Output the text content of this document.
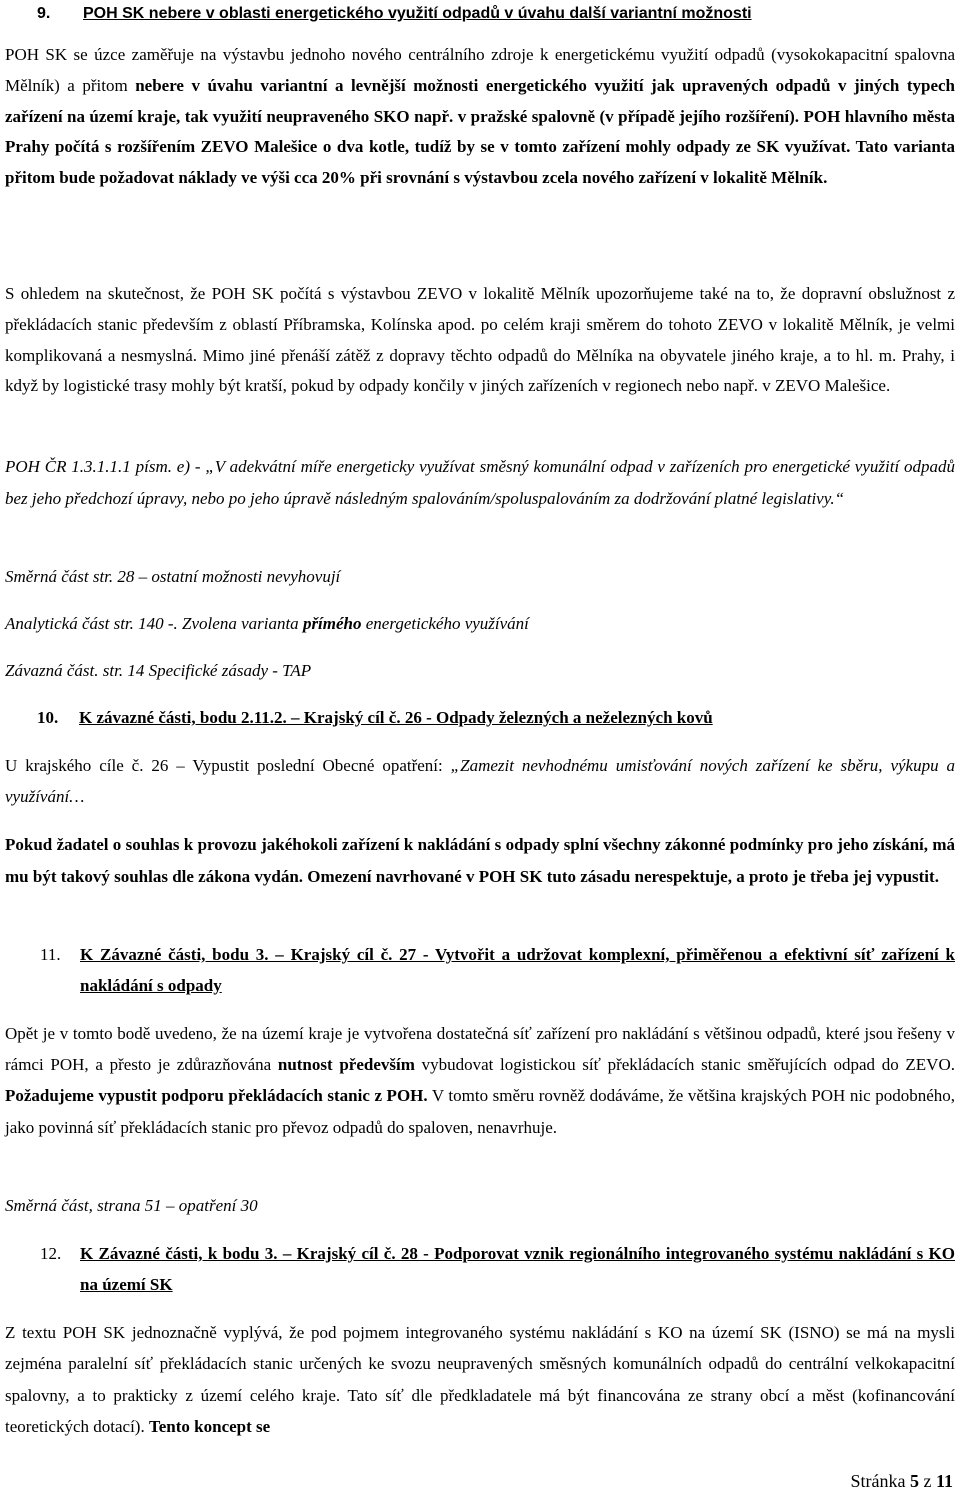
9. POH SK nebere v oblasti energetického využití odpadů v úvahu další variantní možnosti

POH SK se úzce zaměřuje na výstavbu jednoho nového centrálního zdroje k energetickému využití odpadů (vysokokapacitní spalovna Mělník) a přitom nebere v úvahu variantní a levnější možnosti energetického využití jak upravených odpadů v jiných typech zařízení na území kraje, tak využití neupraveného SKO např. v pražské spalovně (v případě jejího rozšíření). POH hlavního města Prahy počítá s rozšířením ZEVO Malešice o dva kotle, tudíž by se v tomto zařízení mohly odpady ze SK využívat. Tato varianta přitom bude požadovat náklady ve výši cca 20% při srovnání s výstavbou zcela nového zařízení v lokalitě Mělník.

S ohledem na skutečnost, že POH SK počítá s výstavbou ZEVO v lokalitě Mělník upozorňujeme také na to, že dopravní obslužnost z překládacích stanic především z oblastí Příbramska, Kolínska apod. po celém kraji směrem do tohoto ZEVO v lokalitě Mělník, je velmi komplikovaná a nesmyslná. Mimo jiné přenáší zátěž z dopravy těchto odpadů do Mělníka na obyvatele jiného kraje, a to hl. m. Prahy, i když by logistické trasy mohly být kratší, pokud by odpady končily v jiných zařízeních v regionech nebo např. v ZEVO Malešice.

POH ČR 1.3.1.1.1 písm. e) - „V adekvátní míře energeticky využívat směsný komunální odpad v zařízeních pro energetické využití odpadů bez jeho předchozí úpravy, nebo po jeho úpravě následným spalováním/spoluspalováním za dodržování platné legislativy.“

Směrná část str. 28 – ostatní možnosti nevyhovují

Analytická část str. 140 -. Zvolena varianta přímého energetického využívání

Závazná část. str. 14 Specifické zásady - TAP

10. K závazné části, bodu 2.11.2. – Krajský cíl č. 26 - Odpady železných a neželezných kovů

U krajského cíle č. 26 – Vypustit poslední Obecné opatření: „Zamezit nevhodnému umisťování nových zařízení ke sběru, výkupu a využívání…

Pokud žadatel o souhlas k provozu jakéhokoli zařízení k nakládání s odpady splní všechny zákonné podmínky pro jeho získání, má mu být takový souhlas dle zákona vydán. Omezení navrhované v POH SK tuto zásadu nerespektuje, a proto je třeba jej vypustit.

11. K Závazné části, bodu 3. – Krajský cíl č. 27 - Vytvořit a udržovat komplexní, přiměřenou a efektivní síť zařízení k nakládání s odpady

Opět je v tomto bodě uvedeno, že na území kraje je vytvořena dostatečná síť zařízení pro nakládání s většinou odpadů, které jsou řešeny v rámci POH, a přesto je zdůrazňována nutnost především vybudovat logistickou síť překládacích stanic směřujících odpad do ZEVO. Požadujeme vypustit podporu překládacích stanic z POH. V tomto směru rovněž dodáváme, že většina krajských POH nic podobného, jako povinná síť překládacích stanic pro převoz odpadů do spaloven, nenavrhuje.

Směrná část, strana 51 – opatření 30

12. K Závazné části, k bodu 3. – Krajský cíl č. 28 - Podporovat vznik regionálního integrovaného systému nakládání s KO na území SK

Z textu POH SK jednoznačně vyplývá, že pod pojmem integrovaného systému nakládání s KO na území SK (ISNO) se má na mysli zejména paralelní síť překládacích stanic určených ke svozu neupravených směsných komunálních odpadů do centrální velkokapacitní spalovny, a to prakticky z území celého kraje. Tato síť dle předkladatele má být financována ze strany obcí a měst (kofinancování teoretických dotací). Tento koncept se

Stránka 5 z 11
